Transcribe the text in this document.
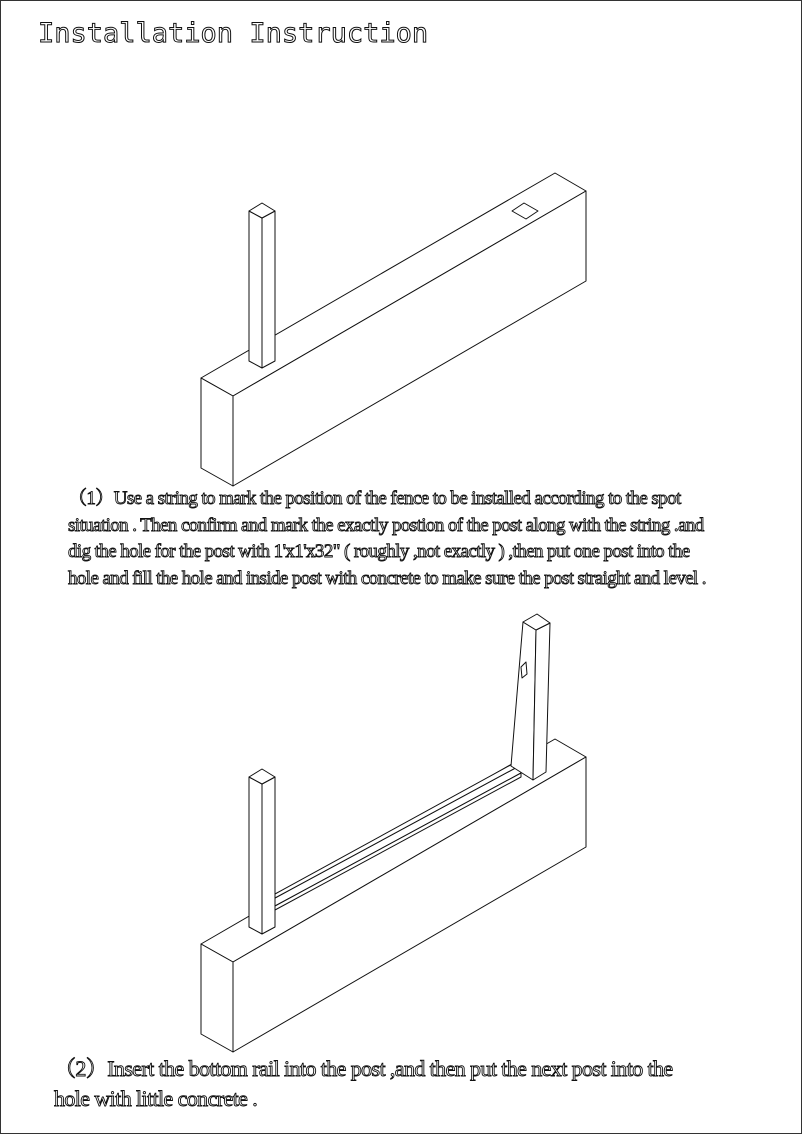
Installation Instruction
（1）Use a string to mark the position of the fence to be installed according to the spot
situation . Then confirm and mark the exactly postion of the post along with the string .and
dig the hole for the post with 1'x1'x32" ( roughly ,not exactly ) ,then put one post into the
hole and fill the hole and inside post with concrete to make sure the post straight and level .
（2）Insert the bottom rail into the post ,and then put the next post into the
hole with little concrete .
